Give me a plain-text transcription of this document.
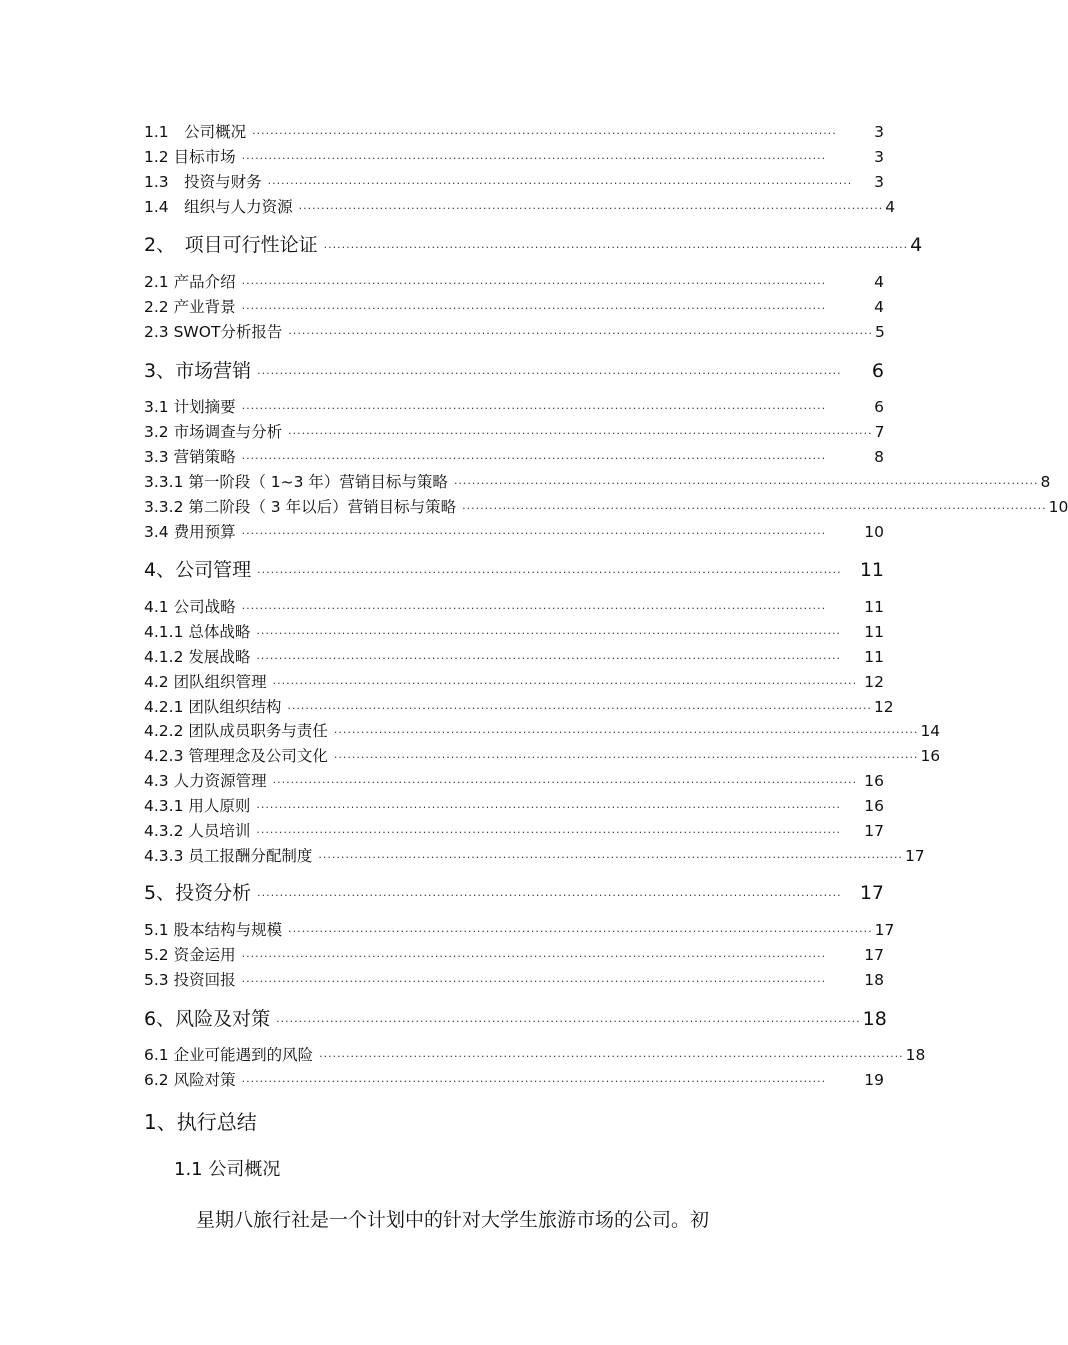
1.1　公司概况 ··································································································································	3
1.2 目标市场 ··································································································································	3
1.3　投资与财务 ··································································································································	3
1.4　组织与人力资源 ·································································································································· 4
2、　项目可行性论证 ·································································································································· 4
2.1 产品介绍 ··································································································································	4
2.2 产业背景 ··································································································································	4
2.3 SWOT分析报告 ·································································································································· 5
3、市场营销 ··································································································································	6
3.1 计划摘要 ··································································································································	6
3.2 市场调查与分析 ·································································································································· 7
3.3 营销策略 ··································································································································	8
3.3.1 第一阶段（ 1~3 年）营销目标与策略 ·································································································································· 8
3.3.2 第二阶段（ 3 年以后）营销目标与策略 ·································································································································· 10
3.4 费用预算 ··································································································································	10
4、公司管理 ·································································································································· 11
4.1 公司战略 ··································································································································	11
4.1.1 总体战略 ··································································································································	11
4.1.2 发展战略 ··································································································································	11
4.2 团队组织管理 ·································································································································· 12
4.2.1 团队组织结构 ·································································································································· 12
4.2.2 团队成员职务与责任 ·································································································································· 14
4.2.3 管理理念及公司文化 ·································································································································· 16
4.3 人力资源管理 ·································································································································· 16
4.3.1 用人原则 ··································································································································	16
4.3.2 人员培训 ··································································································································	17
4.3.3 员工报酬分配制度 ·································································································································· 17
5、投资分析 ·································································································································· 17
5.1 股本结构与规模 ·································································································································· 17
5.2 资金运用 ··································································································································	17
5.3 投资回报 ··································································································································	18
6、风险及对策 ·································································································································· 18
6.1 企业可能遇到的风险 ·································································································································· 18
6.2 风险对策 ··································································································································	19
1、执行总结
1.1 公司概况
星期八旅行社是一个计划中的针对大学生旅游市场的公司。初
